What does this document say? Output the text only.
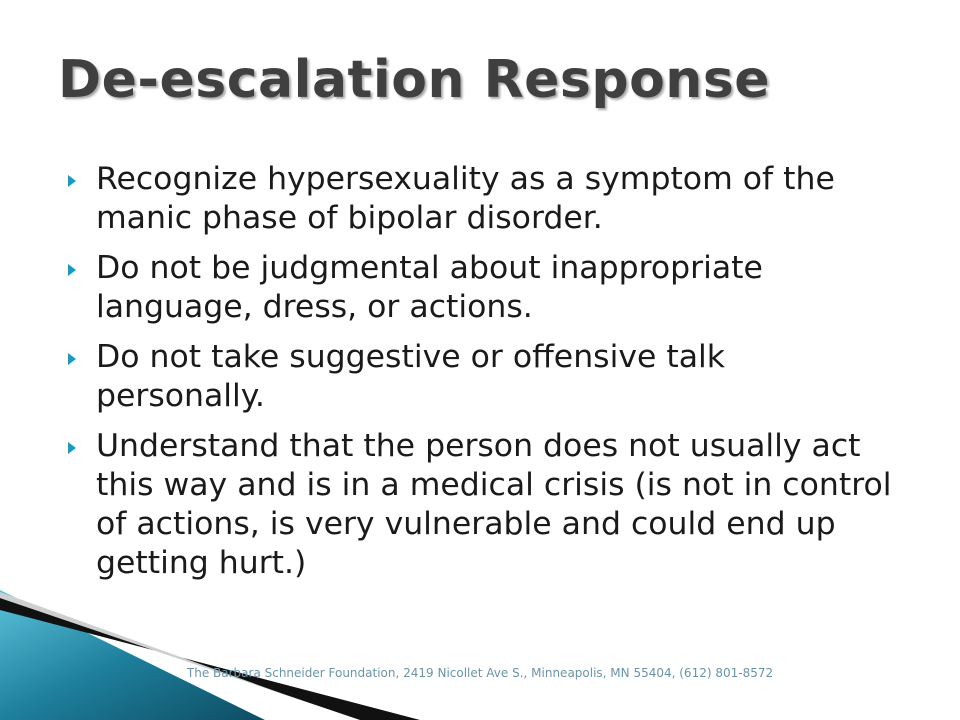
De-escalation Response
Recognize hypersexuality as a symptom of the manic phase of bipolar disorder.
Do not be judgmental about inappropriate language, dress, or actions.
Do not take suggestive or offensive talk personally.
Understand that the person does not usually act this way and is in a medical crisis (is not in control of actions, is very vulnerable and could end up getting hurt.)
The Barbara Schneider Foundation, 2419 Nicollet Ave S., Minneapolis, MN 55404, (612) 801-8572
